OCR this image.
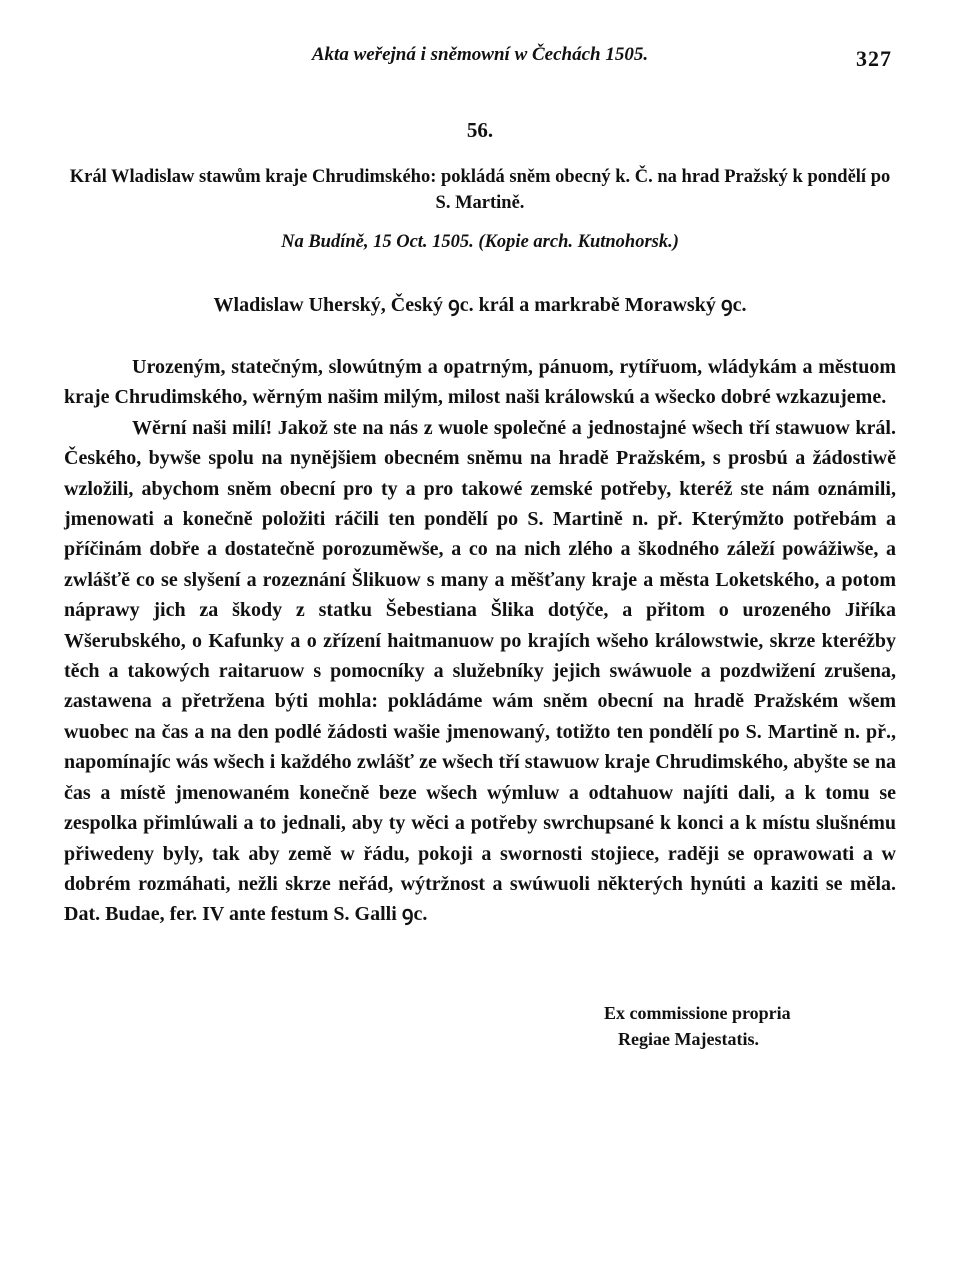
Akta weřejná i sněmowní w Čechách 1505.	327
56.
Král Wladislaw stawům kraje Chrudimského: pokládá sněm obecný k. Č. na hrad Pražský k pondělí po S. Martině.
Na Budíně, 15 Oct. 1505. (Kopie arch. Kutnohorsk.)
Wladislaw Uherský, Český ꝯc. král a markrabě Morawský ꝯc.

Urozeným, statečným, slowútným a opatrným, pánuom, rytířuom, wládykám a městuom kraje Chrudimského, wěrným našim milým, milost naši králowskú a wšecko dobré wzkazujeme.

Wěrní naši milí! Jakož ste na nás z wuole společné a jednostajné wšech tří stawuow král. Českého, bywše spolu na nynějšiem obecném sněmu na hradě Pražském, s prosbú a žádostiwě wzložili, abychom sněm obecní pro ty a pro takowé zemské potřeby, kteréž ste nám oznámili, jmenowati a konečně položiti ráčili ten pondělí po S. Martině n. př. Kterýmžto potřebám a příčinám dobře a dostatečně porozuměwše, a co na nich zlého a škodného záleží powážiwše, a zwlášťě co se slyšení a rozeznání Šlikuow s many a měšťany kraje a města Loketského, a potom náprawy jich za škody z statku Šebestiana Šlika dotýče, a přitom o urozeného Jiříka Wšerubského, o Kafunky a o zřízení haitmanuow po krajích wšeho králowstwie, skrze kteréžby těch a takowých raitaruow s pomocníky a služebníky jejich swáwuole a pozdwižení zrušena, zastawena a přetržena býti mohla: pokládáme wám sněm obecní na hradě Pražském wšem wuobec na čas a na den podlé žádosti wašie jmenowaný, totižto ten pondělí po S. Martině n. př., napomínajíc wás wšech i každého zwlášť ze wšech tří stawuow kraje Chrudimského, abyšte se na čas a místě jmenowaném konečně beze wšech wýmluw a odtahuow najíti dali, a k tomu se zespolka přimlúwali a to jednali, aby ty wěci a potřeby swrchupsané k konci a k místu slušnému přiwedeny byly, tak aby země w řádu, pokoji a swornosti stojiece, raději se oprawowati a w dobrém rozmáhati, nežli skrze neřád, wýtržnost a swúwuoli některých hynúti a kaziti se měla. Dat. Budae, fer. IV ante festum S. Galli ꝯc.

Ex commissione propria
Regiae Majestatis.
